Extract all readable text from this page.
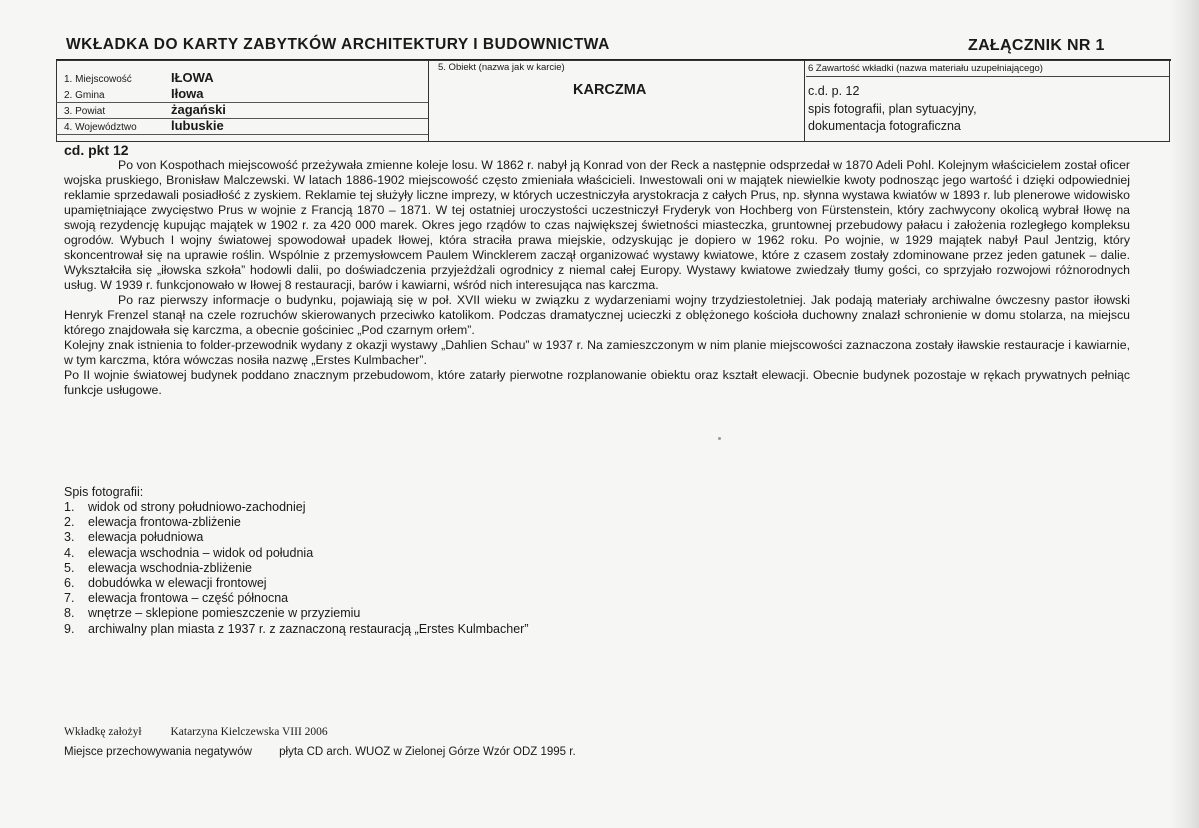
WKŁADKA DO KARTY ZABYTKÓW ARCHITEKTURY I BUDOWNICTWA	ZAŁĄCZNIK NR 1
1. Miejscowość	IŁOWA
2. Gmina	Iłowa
3. Powiat	żagański
4. Województwo	lubuskie
5. Obiekt (nazwa jak w karcie)
KARCZMA
6 Zawartość wkładki (nazwa materiału uzupełniającego)
c.d. p. 12
spis fotografii, plan sytuacyjny,
dokumentacja fotograficzna
cd. pkt 12

Po von Kospothach miejscowość przeżywała zmienne koleje losu. W 1862 r. nabył ją Konrad von der Reck a następnie odsprzedał w 1870 Adeli Pohl. Kolejnym właścicielem został oficer wojska pruskiego, Bronisław Malczewski. W latach 1886-1902 miejscowość często zmieniała właścicieli. Inwestowali oni w majątek niewielkie kwoty podnosząc jego wartość i dzięki odpowiedniej reklamie sprzedawali posiadłość z zyskiem. Reklamie tej służyły liczne imprezy, w których uczestniczyła arystokracja z całych Prus, np. słynna wystawa kwiatów w 1893 r. lub plenerowe widowisko upamiętniające zwycięstwo Prus w wojnie z Francją 1870 – 1871. W tej ostatniej uroczystości uczestniczył Fryderyk von Hochberg von Fürstenstein, który zachwycony okolicą wybrał Iłowę na swoją rezydencję kupując majątek w 1902 r. za 420 000 marek. Okres jego rządów to czas największej świetności miasteczka, gruntownej przebudowy pałacu i założenia rozległego kompleksu ogrodów. Wybuch I wojny światowej spowodował upadek Iłowej, która straciła prawa miejskie, odzyskując je dopiero w 1962 roku. Po wojnie, w 1929 majątek nabył Paul Jentzig, który skoncentrował się na uprawie roślin. Wspólnie z przemysłowcem Paulem Wincklerem zaczął organizować wystawy kwiatowe, które z czasem zostały zdominowane przez jeden gatunek – dalie. Wykształciła się „iłowska szkoła” hodowli dalii, po doświadczenia przyjeżdżali ogrodnicy z niemal całej Europy. Wystawy kwiatowe zwiedzały tłumy gości, co sprzyjało rozwojowi różnorodnych usług. W 1939 r. funkcjonowało w Iłowej 8 restauracji, barów i kawiarni, wśród nich interesująca nas karczma.

Po raz pierwszy informacje o budynku, pojawiają się w poł. XVII wieku w związku z wydarzeniami wojny trzydziestoletniej. Jak podają materiały archiwalne ówczesny pastor iłowski Henryk Frenzel stanął na czele rozruchów skierowanych przeciwko katolikom. Podczas dramatycznej ucieczki z oblężonego kościoła duchowny znalazł schronienie w domu stolarza, na miejscu którego znajdowała się karczma, a obecnie gościniec „Pod czarnym orłem”.

Kolejny znak istnienia to folder-przewodnik wydany z okazji wystawy „Dahlien Schau” w 1937 r. Na zamieszczonym w nim planie miejscowości zaznaczona zostały iławskie restauracje i kawiarnie, w tym karczma, która wówczas nosiła nazwę „Erstes Kulmbacher”.

Po II wojnie światowej budynek poddano znacznym przebudowom, które zatarły pierwotne rozplanowanie obiektu oraz kształt elewacji. Obecnie budynek pozostaje w rękach prywatnych pełniąc funkcje usługowe.

Spis fotografii:
1.	widok od strony południowo-zachodniej
2.	elewacja frontowa-zbliżenie
3.	elewacja południowa
4.	elewacja wschodnia – widok od południa
5.	elewacja wschodnia-zbliżenie
6.	dobudówka w elewacji frontowej
7.	elewacja frontowa – część północna
8.	wnętrze – sklepione pomieszczenie w przyziemiu
9.	archiwalny plan miasta z 1937 r. z zaznaczoną restauracją „Erstes Kulmbacher”
Wkładkę założył	Katarzyna Kielczewska VIII 2006
Miejsce przechowywania negatywów płyta CD arch. WUOZ w Zielonej Górze Wzór ODZ 1995 r.
